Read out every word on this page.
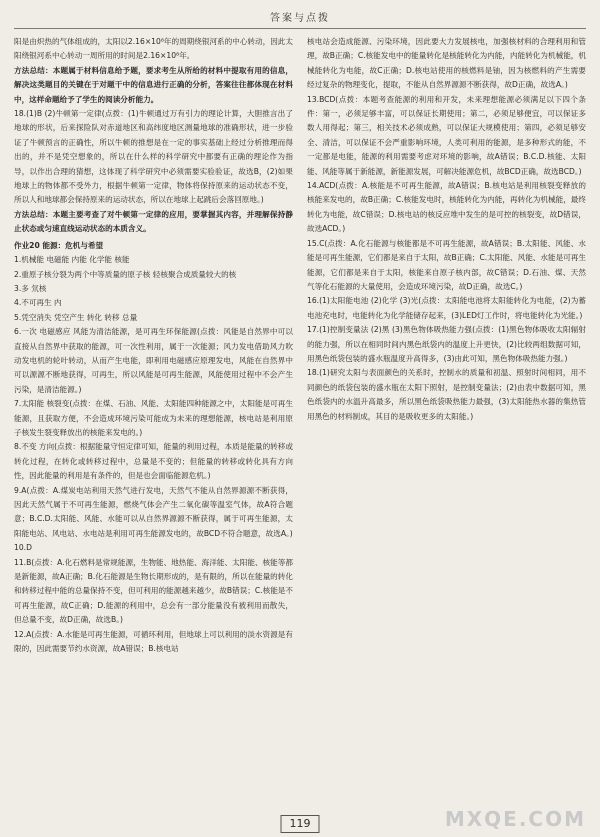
答案与点拨

阳是由炽热的气体组成的，太阳以2.16×10⁸年的周期绕银河系的中心转动，因此太阳绕银河系中心转动一周所用的时间是2.16×10⁸年。

方法总结：本题属于材料信息给予题，要求考生从所给的材料中提取有用的信息，解决这类题目的关键在于对题干中的信息进行正确的分析，答案往往都体现在材料中，这样命题给予了学生的阅读分析能力。

18.(1)B (2)牛顿第一定律(点拨：(1)牛顿通过万有引力的理论计算，大胆推言出了地球的形状，后来探险队对赤道地区和高纬度地区测量地球的准确形状，进一步验证了牛顿预言的正确性，所以牛顿的推想是在一定的事实基础上经过分析推理而得出的，并不是凭空想象的，所以在什么样的科学研究中都要有正确的理论作为指导，以作出合理的猜想，这体现了科学研究中必须需要实验验证，故选B，(2)如果地球上的物体都不受外力，根据牛顿第一定律，物体将保持原来的运动状态不变，所以人和地球都会保持原来的运动状态，所以在地球上起跳后会落回原地。)

方法总结：本题主要考查了对牛顿第一定律的应用，要掌握其内容，并理解保持静止状态或匀速直线运动状态的本质含义。

作业20 能源：危机与希望

1.机械能 电磁能 内能 化学能 核能

2.重原子核分裂为两个中等质量的原子核 轻核聚合成质量较大的核

3.多 氘核

4.不可再生 内

5.凭空消失 凭空产生 转化 转移 总量

6.一次 电磁感应 风能为清洁能源，是可再生环保能源(点拨：风能是自然界中可以直接从自然界中获取的能源，可一次性利用，属于一次能源；风力发电借助风力吹动发电机的轮叶转动，从而产生电能，即利用电磁感应原理发电，风能在自然界中可以源源不断地获得，可再生，所以风能是可再生能源，风能使用过程中不会产生污染，是清洁能源。)

7.太阳能 核裂变(点拨：在煤、石油、风能、太阳能四种能源之中，太阳能是可再生能源，且获取方便，不会造成环境污染可能成为未来的理想能源，核电站是利用原子核发生裂变释放出的核能来发电的。)

8.不变 方向(点拨：根据能量守恒定律可知，能量的利用过程，本质是能量的转移或转化过程，在转化或转移过程中，总量是不变的；但能量的转移或转化具有方向性，因此能量的利用是有条件的，但是也会面临能源危机。)

9.A(点拨：A.煤炭电站利用天然气进行发电，天然气不能从自然界源源不断获得，因此天然气属于不可再生能源，燃烧气体会产生二氧化碳等温室气体，故A符合题意；B.C.D.太阳能、风能、水能可以从自然界源源不断获得，属于可再生能源，太阳能电站、风电站、水电站是利用可再生能源发电的，故BCD不符合题意，故选A。)

10.D

11.B(点拨：A.化石燃料是常规能源，生物能、地热能、海洋能、太阳能、核能等都是新能源，故A正确；B.化石能源是生物长期形成的，是有限的，所以在能量的转化和转移过程中能的总量保持不变，但可利用的能源越来越少，故B错误；C.核能是不可再生能源，故C正确；D.能源的利用中，总会有一部分能量没有被利用而散失，但总量不变，故D正确，故选B。)

12.A(点拨：A.水能是可再生能源，可循环利用，但地球上可以利用的淡水资源是有限的，因此需要节约水资源，故A错误；B.核电站

核电站会造成能源、污染环境，因此要大力发展核电，加强核材料的合理利用和管理，故B正确；C.核能发电中的能量转化是核能转化为内能，内能转化为机械能，机械能转化为电能，故C正确；D.核电站使用的核燃料是铀，因为核燃料的产生需要经过复杂的物理变化，提取，不能从自然界源源不断获得，故D正确，故选A。)

13.BCD(点拨：本题考查能源的利用和开发，未来理想能源必须满足以下四个条件：第一，必须足够丰富，可以保证长期使用；第二，必须足够便宜，可以保证多数人用得起；第三，相关技术必须成熟，可以保证大规模使用；第四，必须足够安全、清洁，可以保证不会严重影响环境，人类可利用的能源，是多种形式的能，不一定都是电能，能源的利用需要考虑对环境的影响，故A错误；B.C.D.核能、太阳能、风能等属于新能源，新能源发展，可解决能源危机，故BCD正确，故选BCD。)

14.ACD(点拨：A.核能是不可再生能源，故A错误；B.核电站是利用核裂变释放的核能来发电的，故B正确；C.核能发电时，核能转化为内能，再转化为机械能，最终转化为电能，故C错误；D.核电站的核反应堆中发生的是可控的核裂变，故D错误，故选ACD。)

15.C(点拨：A.化石能源与核能都是不可再生能源，故A错误；B.太阳能、风能、水能是可再生能源，它们都是来自于太阳，故B正确；C.太阳能、风能、水能是可再生能源，它们都是来自于太阳，核能来自原子核内部，故C错误；D.石油、煤、天然气等化石能源的大量使用，会造成环境污染，故D正确，故选C。)

16.(1)太阳能电池 (2)化学 (3)光(点拨：太阳能电池将太阳能转化为电能，(2)为蓄电池充电时，电能转化为化学能储存起来，(3)LED灯工作时，将电能转化为光能。)

17.(1)控制变量法 (2)黑 (3)黑色物体吸热能力强(点拨：(1)黑色物体吸收太阳辐射的能力强，所以在相同时间内黑色纸袋内的温度上升更快，(2)比较两组数据可知，用黑色纸袋包装的盛水瓶温度升高得多，(3)由此可知，黑色物体吸热能力强。)

18.(1)研究太阳与表面颜色的关系时，控制水的质量和初温、照射时间相同，用不同颜色的纸袋包装的盛水瓶在太阳下照射，是控制变量法；(2)由表中数据可知，黑色纸袋内的水温升高最多，所以黑色纸袋吸热能力最强，(3)太阳能热水器的集热管用黑色的材料制成，其目的是吸收更多的太阳能。)

119	MXQE.COM
